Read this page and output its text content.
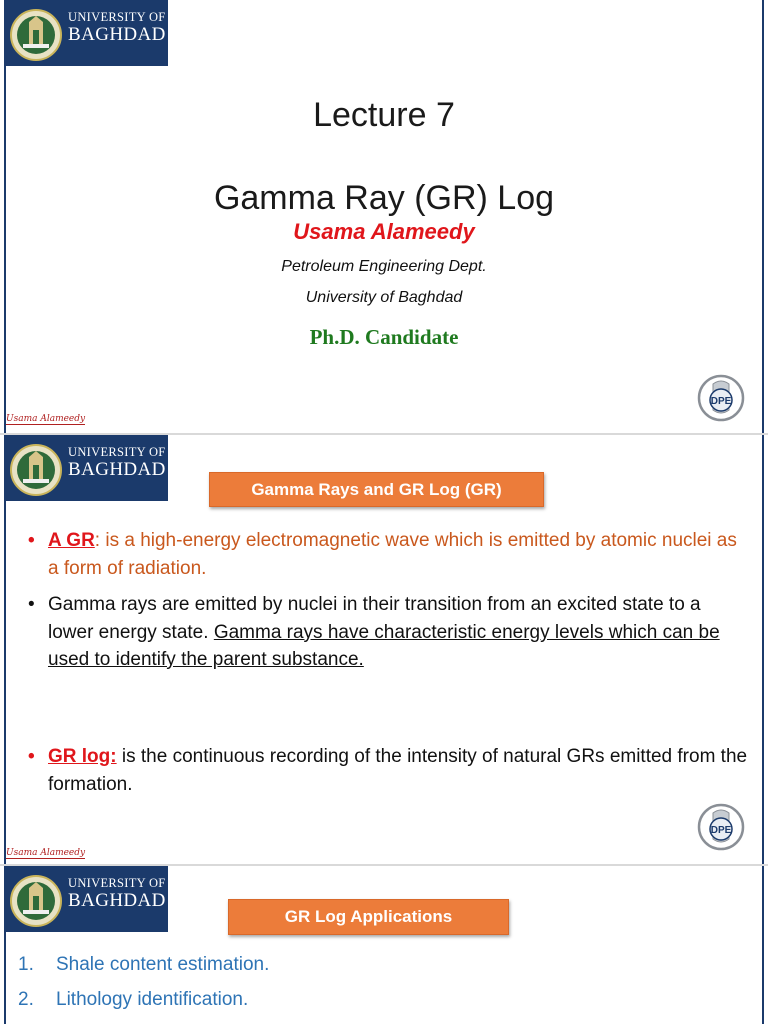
UNIVERSITY OF
BAGHDAD
Lecture 7
Gamma Ray (GR) Log
Usama Alameedy
Petroleum Engineering Dept.
University of Baghdad
Ph.D. Candidate
Usama Alameedy
DPE
UNIVERSITY OF
BAGHDAD
Gamma Rays and GR Log (GR)
• A GR: is a high-energy electromagnetic wave which is emitted by atomic nuclei as a form of radiation.
• Gamma rays are emitted by nuclei in their transition from an excited state to a lower energy state. Gamma rays have characteristic energy levels which can be used to identify the parent substance.
• GR log: is the continuous recording of the intensity of natural GRs emitted from the formation.
Usama Alameedy
DPE
UNIVERSITY OF
BAGHDAD
GR Log Applications
1. Shale content estimation.
2. Lithology identification.
